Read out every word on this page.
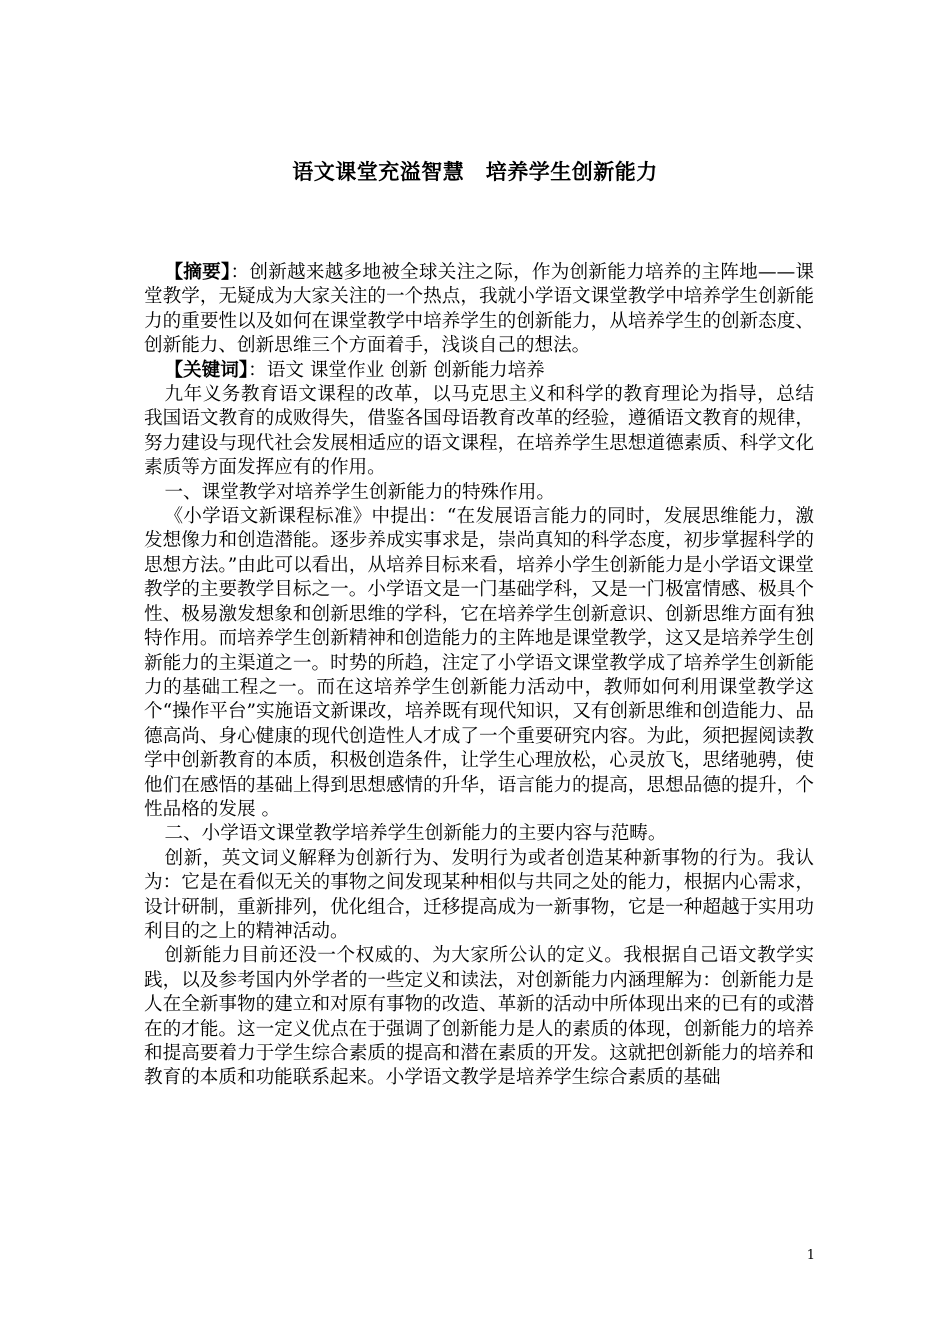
语文课堂充溢智慧　培养学生创新能力

【摘要】：创新越来越多地被全球关注之际，作为创新能力培养的主阵地——课堂教学，无疑成为大家关注的一个热点，我就小学语文课堂教学中培养学生创新能力的重要性以及如何在课堂教学中培养学生的创新能力，从培养学生的创新态度、创新能力、创新思维三个方面着手，浅谈自己的想法。

【关键词】：语文 课堂作业 创新 创新能力培养

九年义务教育语文课程的改革，以马克思主义和科学的教育理论为指导，总结我国语文教育的成败得失，借鉴各国母语教育改革的经验，遵循语文教育的规律，努力建设与现代社会发展相适应的语文课程，在培养学生思想道德素质、科学文化素质等方面发挥应有的作用。

一、课堂教学对培养学生创新能力的特殊作用。

《小学语文新课程标准》中提出：“在发展语言能力的同时，发展思维能力，激发想像力和创造潜能。逐步养成实事求是，崇尚真知的科学态度，初步掌握科学的思想方法。”由此可以看出，从培养目标来看，培养小学生创新能力是小学语文课堂教学的主要教学目标之一。小学语文是一门基础学科，又是一门极富情感、极具个性、极易激发想象和创新思维的学科，它在培养学生创新意识、创新思维方面有独特作用。而培养学生创新精神和创造能力的主阵地是课堂教学，这又是培养学生创新能力的主渠道之一。时势的所趋，注定了小学语文课堂教学成了培养学生创新能力的基础工程之一。而在这培养学生创新能力活动中，教师如何利用课堂教学这个“操作平台”实施语文新课改，培养既有现代知识，又有创新思维和创造能力、品德高尚、身心健康的现代创造性人才成了一个重要研究内容。为此，须把握阅读教学中创新教育的本质，积极创造条件，让学生心理放松，心灵放飞，思绪驰骋，使他们在感悟的基础上得到思想感情的升华，语言能力的提高，思想品德的提升，个性品格的发展 。

二、小学语文课堂教学培养学生创新能力的主要内容与范畴。

创新，英文词义解释为创新行为、发明行为或者创造某种新事物的行为。我认为：它是在看似无关的事物之间发现某种相似与共同之处的能力，根据内心需求，设计研制，重新排列，优化组合，迁移提高成为一新事物，它是一种超越于实用功利目的之上的精神活动。

创新能力目前还没一个权威的、为大家所公认的定义。我根据自己语文教学实践，以及参考国内外学者的一些定义和读法，对创新能力内涵理解为：创新能力是人在全新事物的建立和对原有事物的改造、革新的活动中所体现出来的已有的或潜在的才能。这一定义优点在于强调了创新能力是人的素质的体现，创新能力的培养和提高要着力于学生综合素质的提高和潜在素质的开发。这就把创新能力的培养和教育的本质和功能联系起来。小学语文教学是培养学生综合素质的基础

1
